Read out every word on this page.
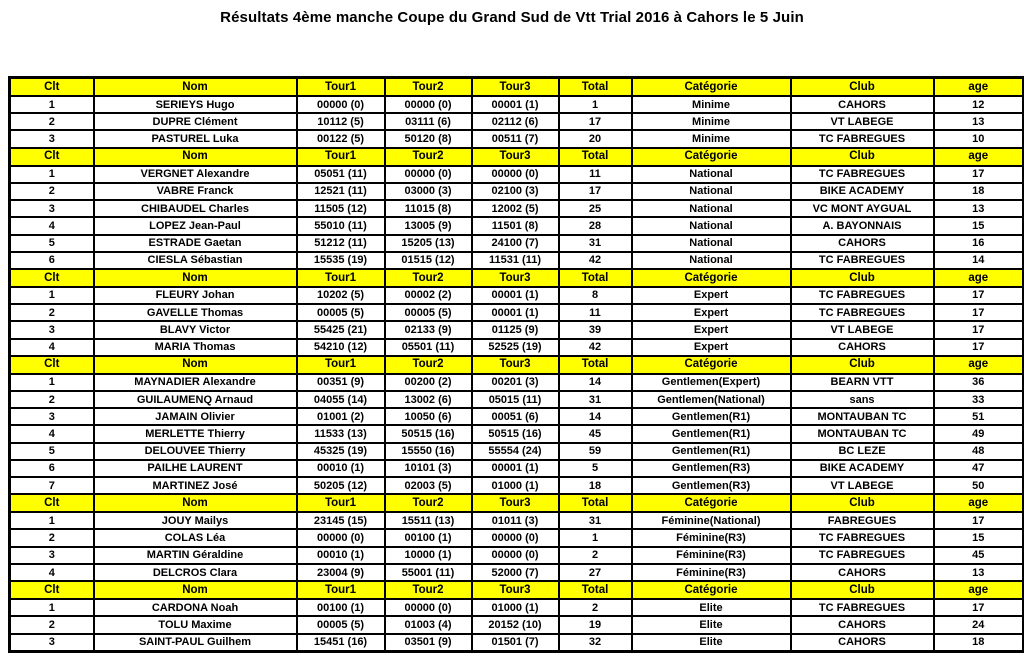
Résultats 4ème manche Coupe du Grand Sud de Vtt Trial 2016 à Cahors le 5 Juin
Clt	Nom	Tour1	Tour2	Tour3	Total	Catégorie	Club	age
1	SERIEYS Hugo	00000 (0)	00000 (0)	00001 (1)	1	Minime	CAHORS	12
2	DUPRE Clément	10112 (5)	03111 (6)	02112 (6)	17	Minime	VT LABEGE	13
3	PASTUREL Luka	00122 (5)	50120 (8)	00511 (7)	20	Minime	TC FABREGUES	10
Clt	Nom	Tour1	Tour2	Tour3	Total	Catégorie	Club	age
1	VERGNET Alexandre	05051 (11)	00000 (0)	00000 (0)	11	National	TC FABREGUES	17
2	VABRE Franck	12521 (11)	03000 (3)	02100 (3)	17	National	BIKE ACADEMY	18
3	CHIBAUDEL Charles	11505 (12)	11015 (8)	12002 (5)	25	National	VC MONT AYGUAL	13
4	LOPEZ Jean-Paul	55010 (11)	13005 (9)	11501 (8)	28	National	A. BAYONNAIS	15
5	ESTRADE Gaetan	51212 (11)	15205 (13)	24100 (7)	31	National	CAHORS	16
6	CIESLA Sébastian	15535 (19)	01515 (12)	11531 (11)	42	National	TC FABREGUES	14
Clt	Nom	Tour1	Tour2	Tour3	Total	Catégorie	Club	age
1	FLEURY Johan	10202 (5)	00002 (2)	00001 (1)	8	Expert	TC FABREGUES	17
2	GAVELLE Thomas	00005 (5)	00005 (5)	00001 (1)	11	Expert	TC FABREGUES	17
3	BLAVY Victor	55425 (21)	02133 (9)	01125 (9)	39	Expert	VT LABEGE	17
4	MARIA Thomas	54210 (12)	05501 (11)	52525 (19)	42	Expert	CAHORS	17
Clt	Nom	Tour1	Tour2	Tour3	Total	Catégorie	Club	age
1	MAYNADIER Alexandre	00351 (9)	00200 (2)	00201 (3)	14	Gentlemen(Expert)	BEARN VTT	36
2	GUILAUMENQ Arnaud	04055 (14)	13002 (6)	05015 (11)	31	Gentlemen(National)	sans	33
3	JAMAIN Olivier	01001 (2)	10050 (6)	00051 (6)	14	Gentlemen(R1)	MONTAUBAN TC	51
4	MERLETTE Thierry	11533 (13)	50515 (16)	50515 (16)	45	Gentlemen(R1)	MONTAUBAN TC	49
5	DELOUVEE Thierry	45325 (19)	15550 (16)	55554 (24)	59	Gentlemen(R1)	BC LEZE	48
6	PAILHE LAURENT	00010 (1)	10101 (3)	00001 (1)	5	Gentlemen(R3)	BIKE ACADEMY	47
7	MARTINEZ José	50205 (12)	02003 (5)	01000 (1)	18	Gentlemen(R3)	VT LABEGE	50
Clt	Nom	Tour1	Tour2	Tour3	Total	Catégorie	Club	age
1	JOUY Mailys	23145 (15)	15511 (13)	01011 (3)	31	Féminine(National)	FABREGUES	17
2	COLAS Léa	00000 (0)	00100 (1)	00000 (0)	1	Féminine(R3)	TC FABREGUES	15
3	MARTIN Géraldine	00010 (1)	10000 (1)	00000 (0)	2	Féminine(R3)	TC FABREGUES	45
4	DELCROS Clara	23004 (9)	55001 (11)	52000 (7)	27	Féminine(R3)	CAHORS	13
Clt	Nom	Tour1	Tour2	Tour3	Total	Catégorie	Club	age
1	CARDONA Noah	00100 (1)	00000 (0)	01000 (1)	2	Elite	TC FABREGUES	17
2	TOLU Maxime	00005 (5)	01003 (4)	20152 (10)	19	Elite	CAHORS	24
3	SAINT-PAUL Guilhem	15451 (16)	03501 (9)	01501 (7)	32	Elite	CAHORS	18
